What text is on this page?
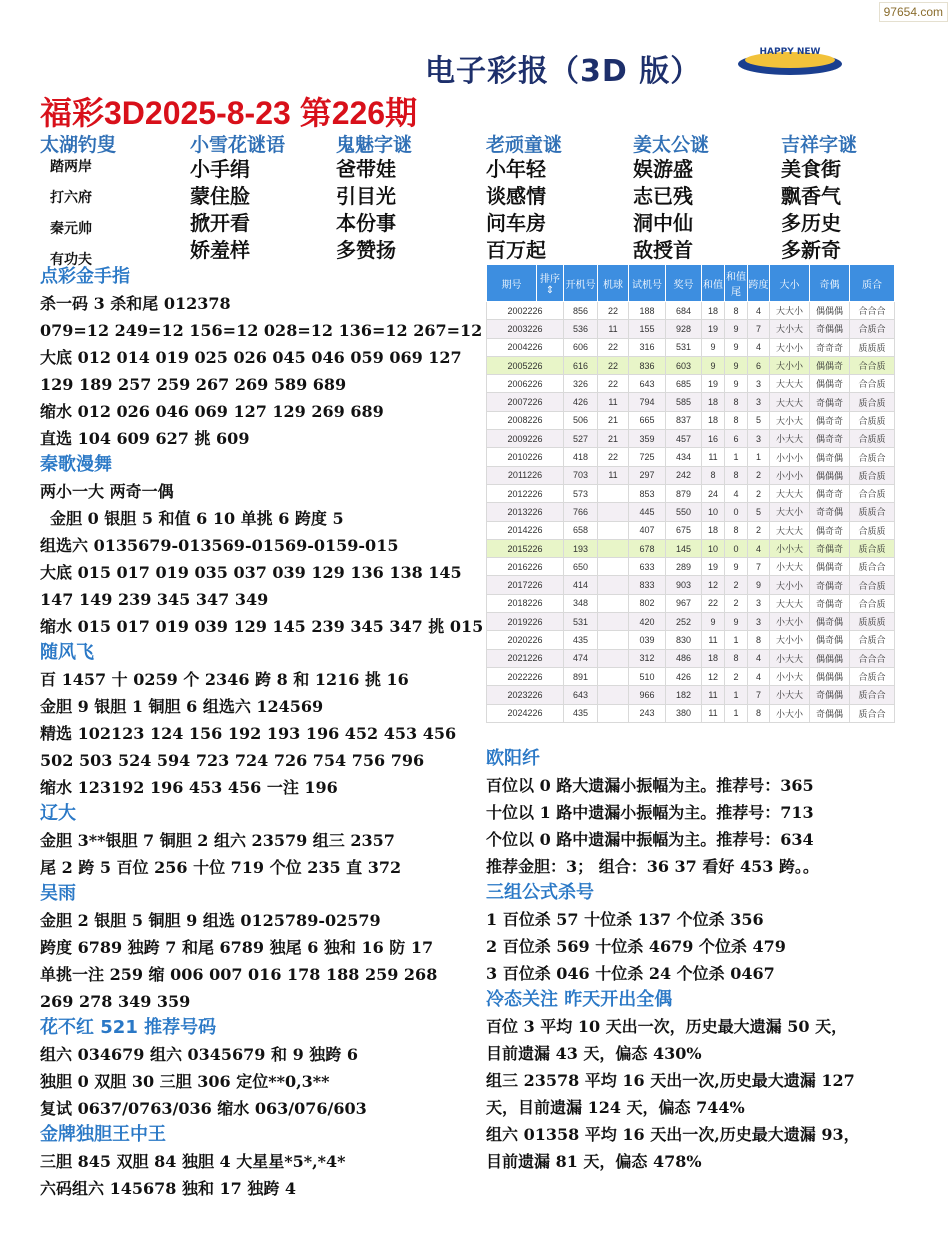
97654.com
电子彩报（3D 版）
HAPPY NEW
福彩3D2025-8-23 第226期
太湖钓叟
踏两岸
打六府
秦元帅
有功夫
小雪花谜语
小手绢
蒙住脸
掀开看
娇羞样
鬼魅字谜
爸带娃
引目光
本份事
多赞扬
老顽童谜
小年轻
谈感情
问车房
百万起
姜太公谜
娱游盛
志已残
洞中仙
敌授首
吉祥字谜
美食街
飘香气
多历史
多新奇
点彩金手指
杀一码 3 杀和尾 012378
079=12 249=12 156=12 028=12 136=12 267=12
大底 012 014 019 025 026 045 046 059 069 127
129 189 257 259 267 269 589 689
缩水 012 026 046 069 127 129 269 689
直选 104 609 627 挑 609
秦歌漫舞
两小一大 两奇一偶
金胆 0 银胆 5 和值 6 10 单挑 6 跨度 5
组选六 0135679-013569-01569-0159-015
大底 015 017 019 035 037 039 129 136 138 145
147 149 239 345 347 349
缩水 015 017 019 039 129 145 239 345 347 挑 015
随风飞
百 1457 十 0259 个 2346 跨 8 和 1216 挑 16
金胆 9 银胆 1 铜胆 6 组选六 124569
精选 102123 124 156 192 193 196 452 453 456
502 503 524 594 723 724 726 754 756 796
缩水 123192 196 453 456 一注 196
辽大
金胆 3**银胆 7 铜胆 2 组六 23579 组三 2357
尾 2 跨 5 百位 256 十位 719 个位 235 直 372
吴雨
金胆 2 银胆 5 铜胆 9 组选 0125789-02579
跨度 6789 独跨 7 和尾 6789 独尾 6 独和 16 防 17
单挑一注 259 缩 006 007 016 178 188 259 268
269 278 349 359
花不红 521 推荐号码
组六 034679 组六 0345679 和 9 独跨 6
独胆 0 双胆 30 三胆 306 定位**0,3**
复试 0637/0763/036 缩水 063/076/603
金牌独胆王中王
三胆 845 双胆 84 独胆 4 大星星*5*,*4*
六码组六 145678 独和 17 独跨 4
期号	排序⇕	开机号	机球	试机号	奖号	和值	和值尾	跨度	大小	奇偶	质合
2002226		856	22	188	684	18	8	4	大大小	偶偶偶	合合合
2003226		536	11	155	928	19	9	7	大小大	奇偶偶	合质合
2004226		606	22	316	531	9	9	4	大小小	奇奇奇	质质质
2005226		616	22	836	603	9	9	6	大小小	偶偶奇	合合质
2006226		326	22	643	685	19	9	3	大大大	偶偶奇	合合质
2007226		426	11	794	585	18	8	3	大大大	奇偶奇	质合质
2008226		506	21	665	837	18	8	5	大小大	偶奇奇	合质质
2009226		527	21	359	457	16	6	3	小大大	偶奇奇	合质质
2010226		418	22	725	434	11	1	1	小小小	偶奇偶	合质合
2011226		703	11	297	242	8	8	2	小小小	偶偶偶	质合质
2012226		573		853	879	24	4	2	大大大	偶奇奇	合合质
2013226		766		445	550	10	0	5	大大小	奇奇偶	质质合
2014226		658		407	675	18	8	2	大大大	偶奇奇	合质质
2015226		193		678	145	10	0	4	小小大	奇偶奇	质合质
2016226		650		633	289	19	9	7	小大大	偶偶奇	质合合
2017226		414		833	903	12	2	9	大小小	奇偶奇	合合质
2018226		348		802	967	22	2	3	大大大	奇偶奇	合合质
2019226		531		420	252	9	9	3	小大小	偶奇偶	质质质
2020226		435		039	830	11	1	8	大小小	偶奇偶	合质合
2021226		474		312	486	18	8	4	小大大	偶偶偶	合合合
2022226		891		510	426	12	2	4	小小大	偶偶偶	合质合
2023226		643		966	182	11	1	7	小大大	奇偶偶	质合合
2024226		435		243	380	11	1	8	小大小	奇偶偶	质合合
欧阳纤
百位以 0 路大遗漏小振幅为主。推荐号：365
十位以 1 路中遗漏小振幅为主。推荐号：713
个位以 0 路中遗漏中振幅为主。推荐号：634
推荐金胆：3； 组合：36 37 看好 453 跨。。
三组公式杀号
1 百位杀 57 十位杀 137 个位杀 356
2 百位杀 569 十位杀 4679 个位杀 479
3 百位杀 046 十位杀 24 个位杀 0467
冷态关注 昨天开出全偶
百位 3 平均 10 天出一次，历史最大遗漏 50 天，
目前遗漏 43 天，偏态 430%
组三 23578 平均 16 天出一次,历史最大遗漏 127
天，目前遗漏 124 天，偏态 744%
组六 01358 平均 16 天出一次,历史最大遗漏 93，
目前遗漏 81 天，偏态 478%
